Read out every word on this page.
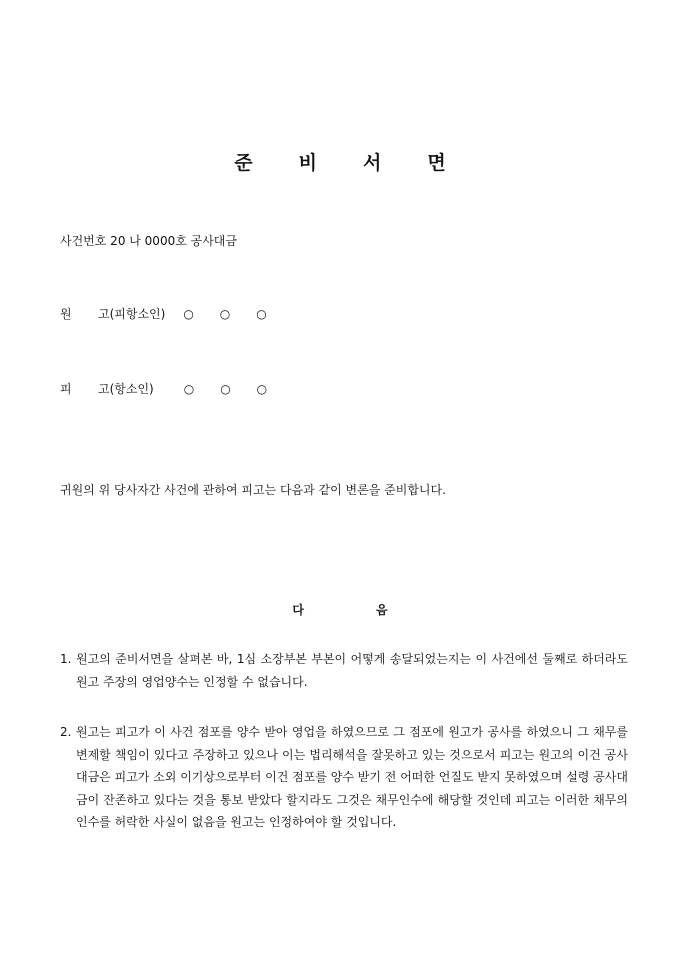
준비서면
사건번호 20 나 0000호 공사대금
원 고(피항소인) ○○○
피 고(항소인)	○○○
귀원의 위 당사자간 사건에 관하여 피고는 다음과 같이 변론을 준비합니다.
다	음
1. 원고의 준비서면을 살펴본 바, 1심 소장부본 부본이 어떻게 송달되었는지는 이 사건에선 둘째로 하더라도 원고 주장의 영업양수는 인정할 수 없습니다.
2. 원고는 피고가 이 사건 점포를 양수 받아 영업을 하였으므로 그 점포에 원고가 공사를 하였으니 그 채무를 변제할 책임이 있다고 주장하고 있으나 이는 법리해석을 잘못하고 있는 것으로서 피고는 원고의 이건 공사대금은 피고가 소외 이기상으로부터 이건 점포를 양수 받기 전 어떠한 언질도 받지 못하였으며 설령 공사대금이 잔존하고 있다는 것을 통보 받았다 할지라도 그것은 채무인수에 해당할 것인데 피고는 이러한 채무의 인수를 허락한 사실이 없음을 원고는 인정하여야 할 것입니다.
